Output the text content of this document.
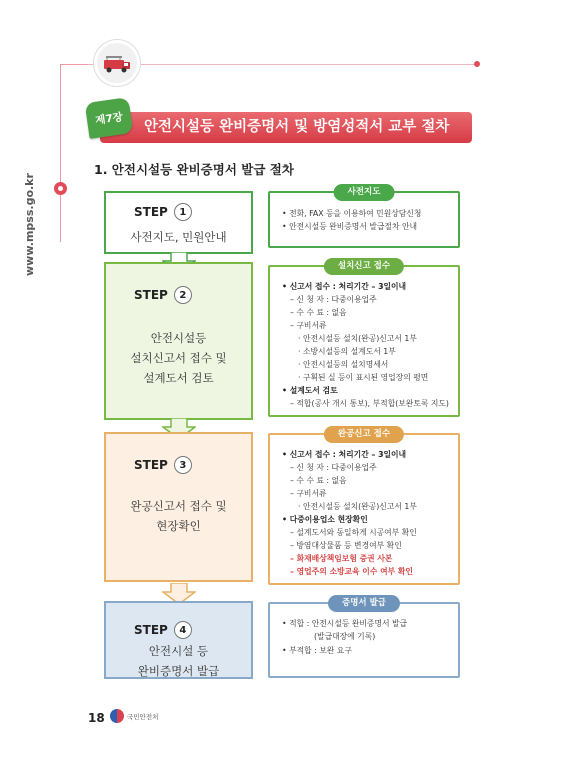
www.mpss.go.kr
안전시설등 완비증명서 및 방염성적서 교부 절차
제7장
1. 안전시설등 완비증명서 발급 절차
STEP	1
사전지도, 민원안내
STEP	2
안전시설등
설치신고서 접수 및
설계도서 검토
STEP	3
완공신고서 접수 및
현장확인
STEP	4
안전시설 등
완비증명서 발급
사전지도
• 전화, FAX 등을 이용하여 민원상담신청
• 안전시설등 완비증명서 발급절차 안내
설치신고 접수
• 신고서 접수 : 처리기간 – 3일이내
– 신 청 자 : 다중이용업주
– 수 수 료 : 없음
– 구비서류
· 안전시설등 설치(완공)신고서 1부
· 소방시설등의 설계도서 1부
· 안전시설등의 설치명세서
· 구획된 실 등이 표시된 영업장의 평면
• 설계도서 검토
– 적합(공사 개시 통보), 부적합(보완토록 지도)
완공신고 접수
• 신고서 접수 : 처리기간 – 3일이내
– 신 청 자 : 다중이용업주
– 수 수 료 : 없음
– 구비서류
· 안전시설등 설치(완공)신고서 1부
• 다중이용업소 현장확인
– 설계도서와 동일하게 시공여부 확인
– 방염대상물품 등 변경여부 확인
– 화재배상책임보험 증권 사본
– 영업주의 소방교육 이수 여부 확인
증명서 발급
• 적합 : 안전시설등 완비증명서 발급
(발급대장에 기록)
• 부적합 : 보완 요구
18	국민안전처
